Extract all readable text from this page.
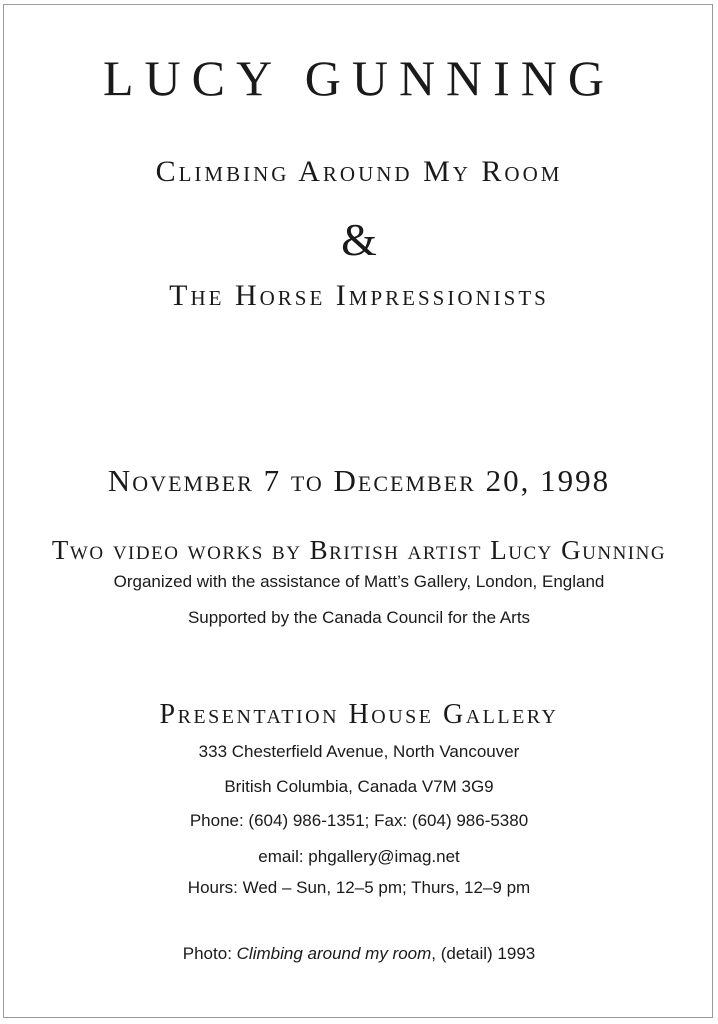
LUCY GUNNING

Climbing Around My Room

&

The Horse Impressionists

November 7 to December 20, 1998

Two video works by British artist Lucy Gunning

Organized with the assistance of Matt’s Gallery, London, England

Supported by the Canada Council for the Arts

Presentation House Gallery

333 Chesterfield Avenue, North Vancouver

British Columbia, Canada V7M 3G9

Phone: (604) 986-1351; Fax: (604) 986-5380

email: phgallery@imag.net

Hours: Wed – Sun, 12–5 pm; Thurs, 12–9 pm

Photo: Climbing around my room, (detail) 1993
